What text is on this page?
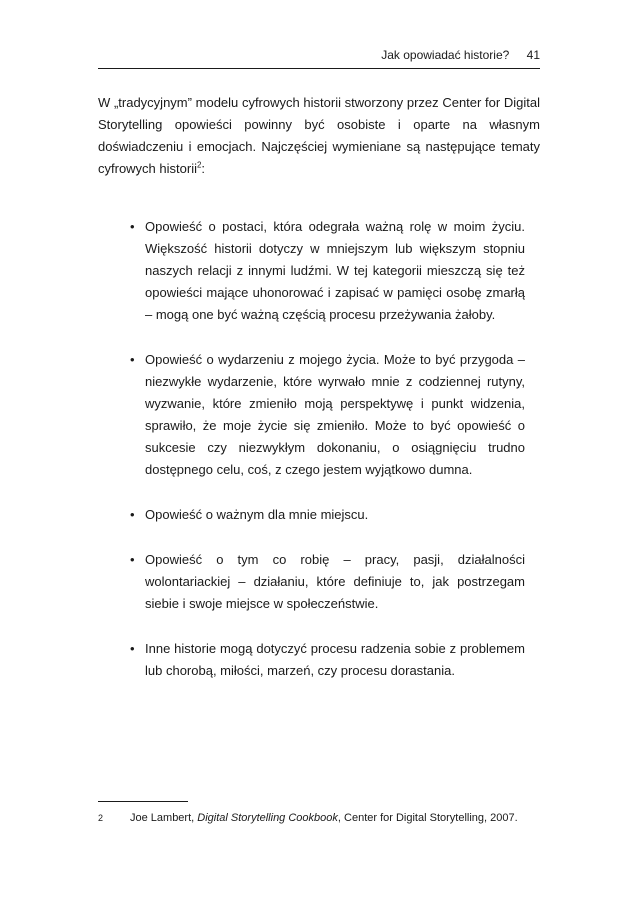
Jak opowiadać historie? 41

W „tradycyjnym” modelu cyfrowych historii stworzony przez Center for Digital Storytelling opowieści powinny być osobiste i oparte na własnym doświadczeniu i emocjach. Najczęściej wymieniane są następujące tematy cyfrowych historii$^2$:

• Opowieść o postaci, która odegrała ważną rolę w moim życiu. Większość historii dotyczy w mniejszym lub większym stopniu naszych relacji z innymi ludźmi. W tej kategorii mieszczą się też opowieści mające uhonorować i zapisać w pamięci osobę zmarłą – mogą one być ważną częścią procesu przeżywania żałoby.
• Opowieść o wydarzeniu z mojego życia. Może to być przygoda – niezwykłe wydarzenie, które wyrwało mnie z codziennej rutyny, wyzwanie, które zmieniło moją perspektywę i punkt widzenia, sprawiło, że moje życie się zmieniło. Może to być opowieść o sukcesie czy niezwykłym dokonaniu, o osiągnięciu trudno dostępnego celu, coś, z czego jestem wyjątkowo dumna.
• Opowieść o ważnym dla mnie miejscu.
• Opowieść o tym co robię – pracy, pasji, działalności wolontariackiej – działaniu, które definiuje to, jak postrzegam siebie i swoje miejsce w społeczeństwie.
• Inne historie mogą dotyczyć procesu radzenia sobie z problemem lub chorobą, miłości, marzeń, czy procesu dorastania.
2 Joe Lambert, Digital Storytelling Cookbook, Center for Digital Storytelling, 2007.
